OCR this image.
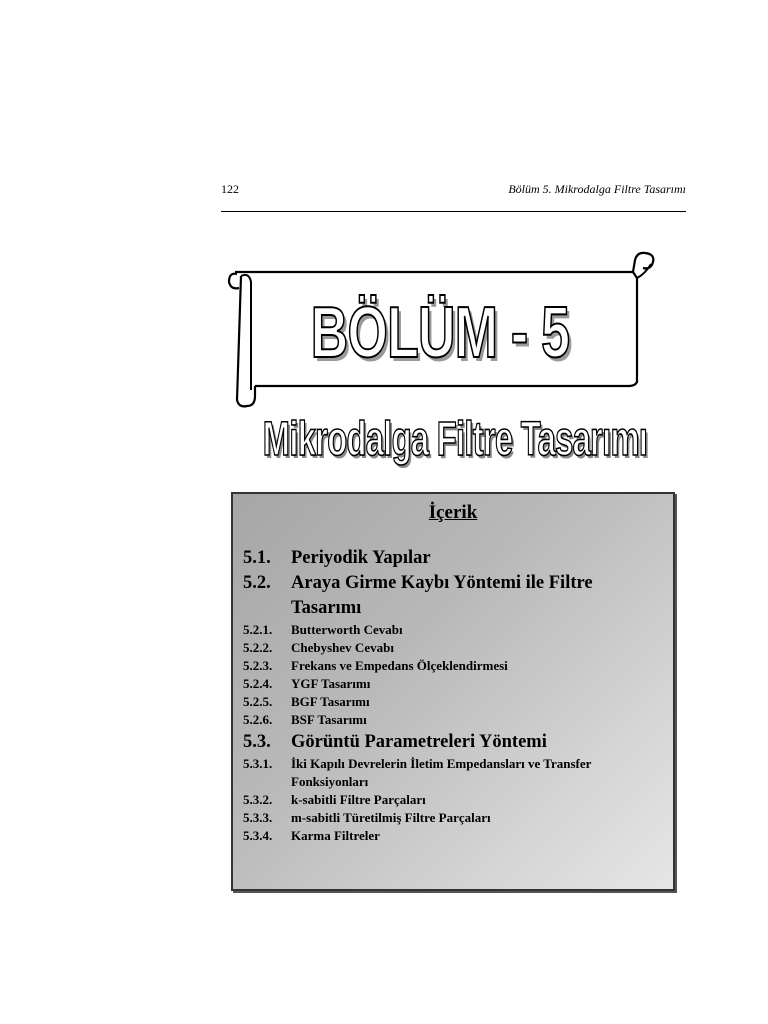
122	Bölüm 5. Mikrodalga Filtre Tasarımı
BÖLÜM - 5
Mikrodalga Filtre Tasarımı
İçerik
5.1.	Periyodik Yapılar
5.2.	Araya Girme Kaybı Yöntemi ile Filtre Tasarımı
5.2.1.	Butterworth Cevabı
5.2.2.	Chebyshev Cevabı
5.2.3.	Frekans ve Empedans Ölçeklendirmesi
5.2.4.	YGF Tasarımı
5.2.5.	BGF Tasarımı
5.2.6.	BSF Tasarımı
5.3.	Görüntü Parametreleri Yöntemi
5.3.1.	İki Kapılı Devrelerin İletim Empedansları ve Transfer Fonksiyonları
5.3.2.	k-sabitli Filtre Parçaları
5.3.3.	m-sabitli Türetilmiş Filtre Parçaları
5.3.4.	Karma Filtreler
